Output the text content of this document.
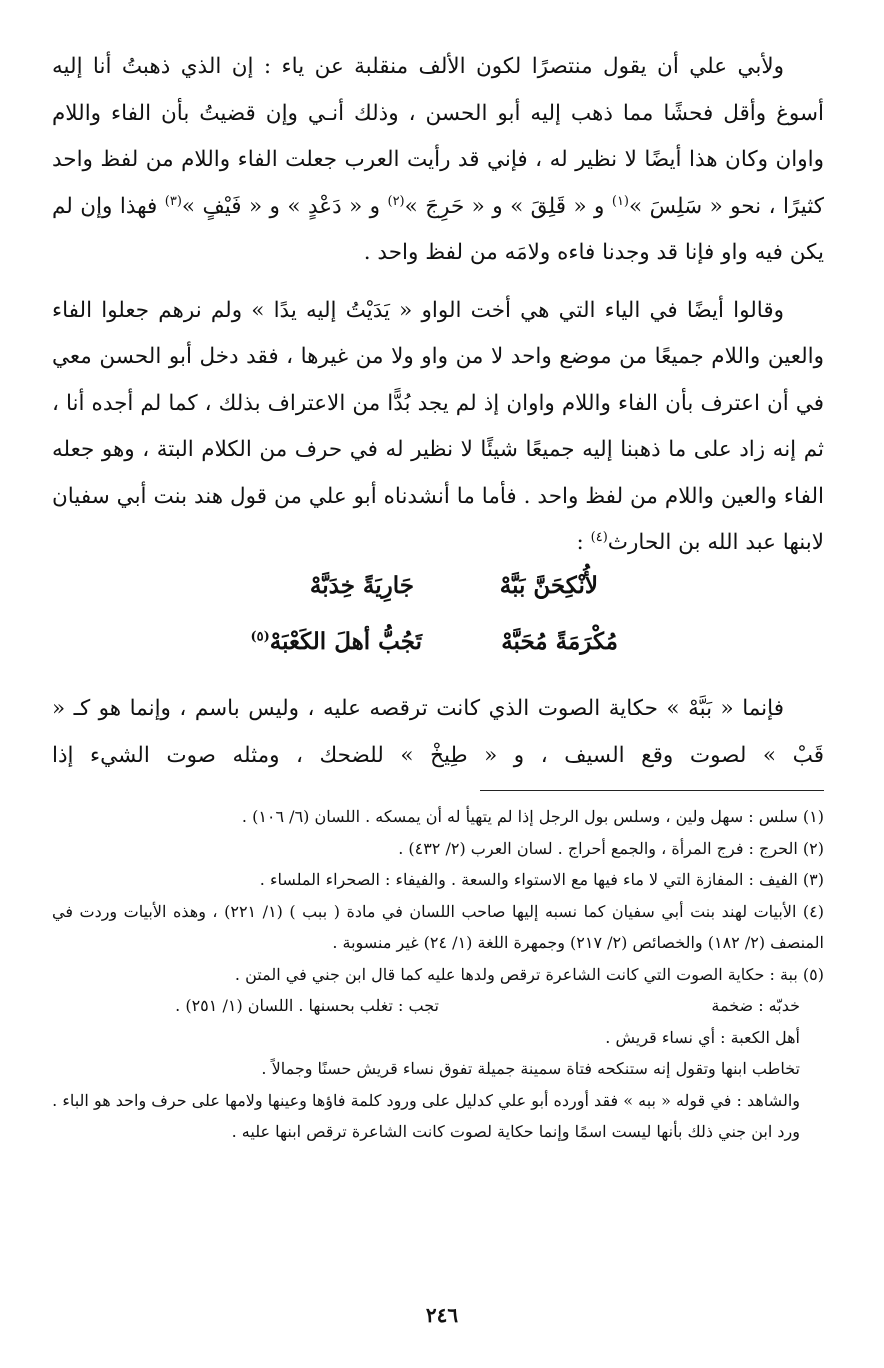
ولأبي علي أن يقول منتصرًا لكون الألف منقلبة عن ياء : إن الذي ذهبتُ أنا إليه أسوغ وأقل فحشًا مما ذهب إليه أبو الحسن ، وذلك أنـي وإن قضيتُ بأن الفاء واللام واوان وكان هذا أيضًا لا نظير له ، فإني قد رأيت العرب جعلت الفاء واللام من لفظ واحد كثيرًا ، نحو « سَلِسَ »$^{(١)}$ و « قَلِقَ » و « حَرِجَ »$^{(٢)}$ و « دَعْدٍ » و « فَيْفٍ »$^{(٣)}$ فهذا وإن لم يكن فيه واو فإنا قد وجدنا فاءه ولامَه من لفظ واحد .

وقالوا أيضًا في الياء التي هي أخت الواو « يَدَيْتُ إليه يدًا » ولم نرهم جعلوا الفاء والعين واللام جميعًا من موضع واحد لا من واو ولا من غيرها ، فقد دخل أبو الحسن معي في أن اعترف بأن الفاء واللام واوان إذ لم يجد بُدًّا من الاعتراف بذلك ، كما لم أجده أنا ، ثم إنه زاد على ما ذهبنا إليه جميعًا شيئًا لا نظير له في حرف من الكلام البتة ، وهو جعله الفاء والعين واللام من لفظ واحد . فأما ما أنشدناه أبو علي من قول هند بنت أبي سفيان لابنها عبد الله بن الحارث$^{(٤)}$ :

لأُنْكِحَنَّ بَبَّهْ
جَارِيَةً خِدَبَّهْ
مُكْرَمَةً مُحَبَّهْ
تَجُبُّ أهلَ الكَعْبَهْ$^{(٥)}$

فإنما « بَبَّهْ » حكاية الصوت الذي كانت ترقصه عليه ، وليس باسم ، وإنما هو كـ « قَبْ » لصوت وقع السيف ، و « طِيخْ » للضحك ، ومثله صوت الشيء إذا

(١) سلس : سهل ولين ، وسلس بول الرجل إذا لم يتهيأ له أن يمسكه . اللسان (٦/ ١٠٦) .

(٢) الحرج : فرج المرأة ، والجمع أحراج . لسان العرب (٢/ ٤٣٢) .

(٣) الفيف : المفازة التي لا ماء فيها مع الاستواء والسعة . والفيفاء : الصحراء الملساء .

(٤) الأبيات لهند بنت أبي سفيان كما نسبه إليها صاحب اللسان في مادة ( ببب ) (١/ ٢٢١) ، وهذه الأبيات وردت في المنصف (٢/ ١٨٢) والخصائص (٢/ ٢١٧) وجمهرة اللغة (١/ ٢٤) غير منسوبة .

(٥) ببة : حكاية الصوت التي كانت الشاعرة ترقص ولدها عليه كما قال ابن جني في المتن .

خدبّه : ضخمة
تجب : تغلب بحسنها . اللسان (١/ ٢٥١) .

أهل الكعبة : أي نساء قريش .

تخاطب ابنها وتقول إنه ستنكحه فتاة سمينة جميلة تفوق نساء قريش حسنًا وجمالاً .

والشاهد : في قوله « ببه » فقد أورده أبو علي كدليل على ورود كلمة فاؤها وعينها ولامها على حرف واحد هو الباء .

ورد ابن جني ذلك بأنها ليست اسمًا وإنما حكاية لصوت كانت الشاعرة ترقص ابنها عليه .

٢٤٦
